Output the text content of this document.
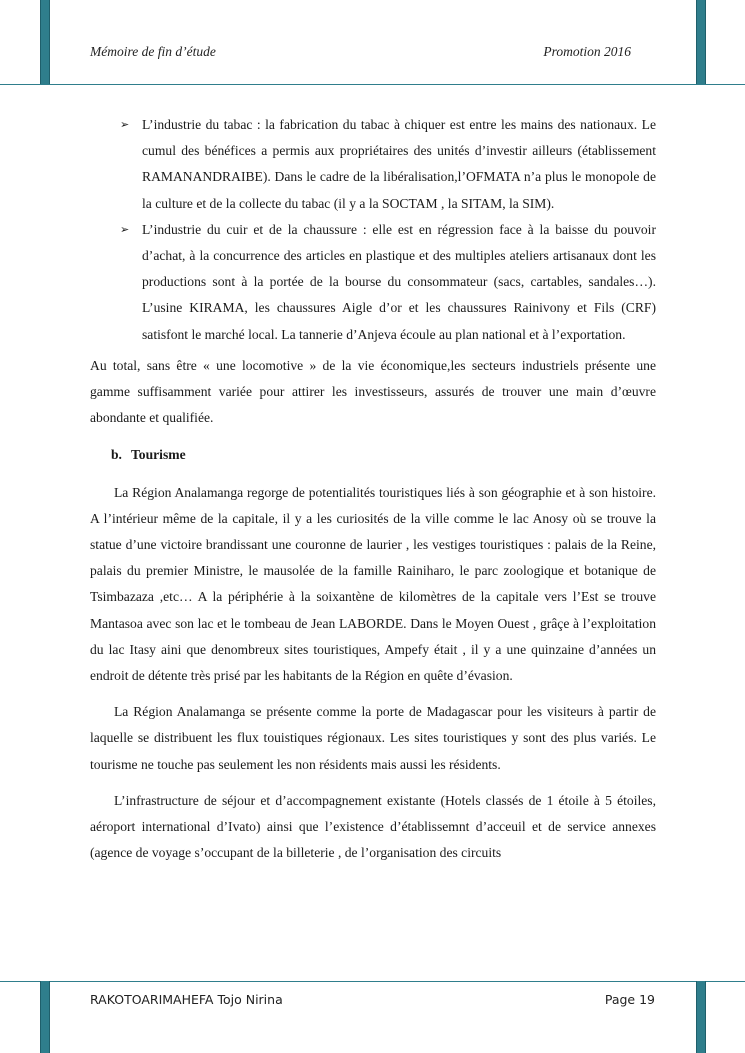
Mémoire de fin d’étude	Promotion 2016
➢ L’industrie du tabac : la fabrication du tabac à chiquer est entre les mains des nationaux. Le cumul des bénéfices a permis aux propriétaires des unités d’investir ailleurs (établissement RAMANANDRAIBE). Dans le cadre de la libéralisation,l’OFMATA n’a plus le monopole de la culture et de la collecte du tabac (il y a la SOCTAM , la SITAM, la SIM).
➢ L’industrie du cuir et de la chaussure : elle est en régression face à la baisse du pouvoir d’achat, à la concurrence des articles en plastique et des multiples ateliers artisanaux dont les productions sont à la portée de la bourse du consommateur (sacs, cartables, sandales…). L’usine KIRAMA, les chaussures Aigle d’or et les chaussures Rainivony et Fils (CRF) satisfont le marché local. La tannerie d’Anjeva écoule au plan national et à l’exportation.

Au total, sans être « une locomotive » de la vie économique,les secteurs industriels présente une gamme suffisamment variée pour attirer les investisseurs, assurés de trouver une main d’œuvre abondante et qualifiée.

b. Tourisme

La Région Analamanga regorge de potentialités touristiques liés à son géographie et à son histoire. A l’intérieur même de la capitale, il y a les curiosités de la ville comme le lac Anosy où se trouve la statue d’une victoire brandissant une couronne de laurier , les vestiges touristiques : palais de la Reine, palais du premier Ministre, le mausolée de la famille Rainiharo, le parc zoologique et botanique de Tsimbazaza ,etc… A la périphérie à la soixantène de kilomètres de la capitale vers l’Est se trouve Mantasoa avec son lac et le tombeau de Jean LABORDE. Dans le Moyen Ouest , grâçe à l’exploitation du lac Itasy aini que denombreux sites touristiques, Ampefy était , il y a une quinzaine d’années un endroit de détente très prisé par les habitants de la Région en quête d’évasion.

La Région Analamanga se présente comme la porte de Madagascar pour les visiteurs à partir de laquelle se distribuent les flux touistiques régionaux. Les sites touristiques y sont des plus variés. Le tourisme ne touche pas seulement les non résidents mais aussi les résidents.

L’infrastructure de séjour et d’accompagnement existante (Hotels classés de 1 étoile à 5 étoiles, aéroport international d’Ivato) ainsi que l’existence d’établissemnt d’acceuil et de service annexes (agence de voyage s’occupant de la billeterie , de l’organisation des circuits

RAKOTOARIMAHEFA Tojo Nirina	Page 19
